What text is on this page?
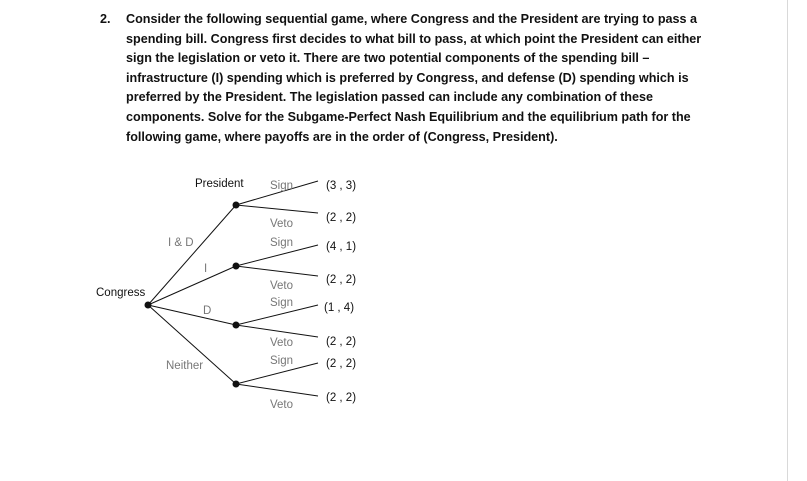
2. Consider the following sequential game, where Congress and the President are trying to pass a
spending bill. Congress first decides to what bill to pass, at which point the President can either
sign the legislation or veto it. There are two potential components of the spending bill –
infrastructure (I) spending which is preferred by Congress, and defense (D) spending which is
preferred by the President. The legislation passed can include any combination of these
components. Solve for the Subgame-Perfect Nash Equilibrium and the equilibrium path for the
following game, where payoffs are in the order of (Congress, President).
Congress
President
I & D
I
D
Neither
Sign
Veto
Sign
Veto
Sign
Veto
Sign
Veto
(3 , 3)
(2 , 2)
(4 , 1)
(2 , 2)
(1 , 4)
(2 , 2)
(2 , 2)
(2 , 2)
